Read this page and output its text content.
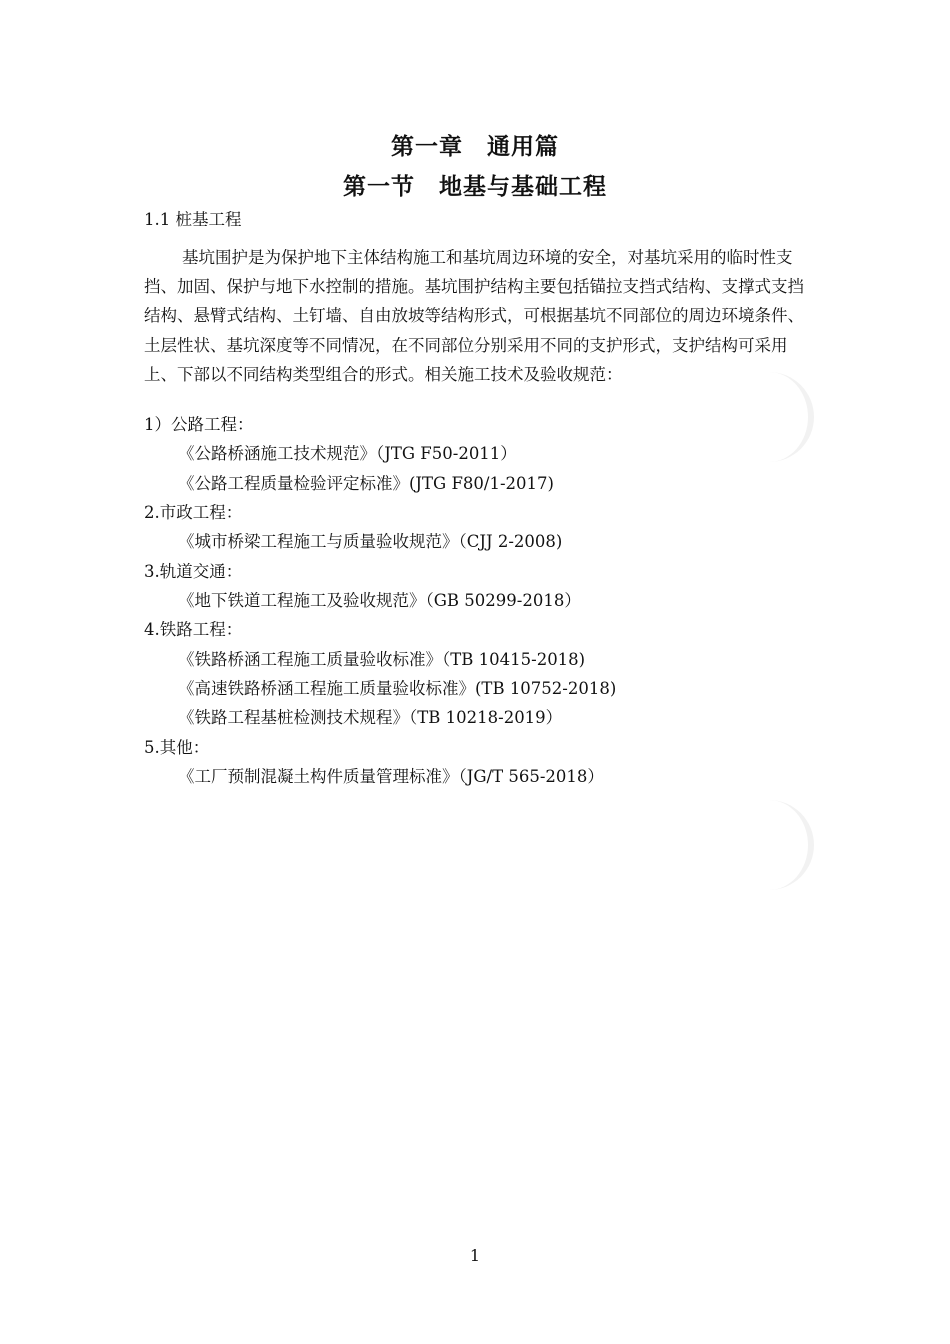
第一章　通用篇
第一节　地基与基础工程
1.1 桩基工程
基坑围护是为保护地下主体结构施工和基坑周边环境的安全，对基坑采用的临时性支挡、加固、保护与地下水控制的措施。基坑围护结构主要包括锚拉支挡式结构、支撑式支挡结构、悬臂式结构、土钉墙、自由放坡等结构形式，可根据基坑不同部位的周边环境条件、土层性状、基坑深度等不同情况，在不同部位分别采用不同的支护形式，支护结构可采用上、下部以不同结构类型组合的形式。相关施工技术及验收规范：
1）公路工程：
《公路桥涵施工技术规范》（JTG F50-2011）
《公路工程质量检验评定标准》(JTG F80/1-2017)
2.市政工程：
《城市桥梁工程施工与质量验收规范》（CJJ 2-2008)
3.轨道交通：
《地下铁道工程施工及验收规范》（GB 50299-2018）
4.铁路工程：
《铁路桥涵工程施工质量验收标准》（TB 10415-2018)
《高速铁路桥涵工程施工质量验收标准》(TB 10752-2018)
《铁路工程基桩检测技术规程》（TB 10218-2019）
5.其他：
《工厂预制混凝土构件质量管理标准》（JG/T 565-2018）
1
